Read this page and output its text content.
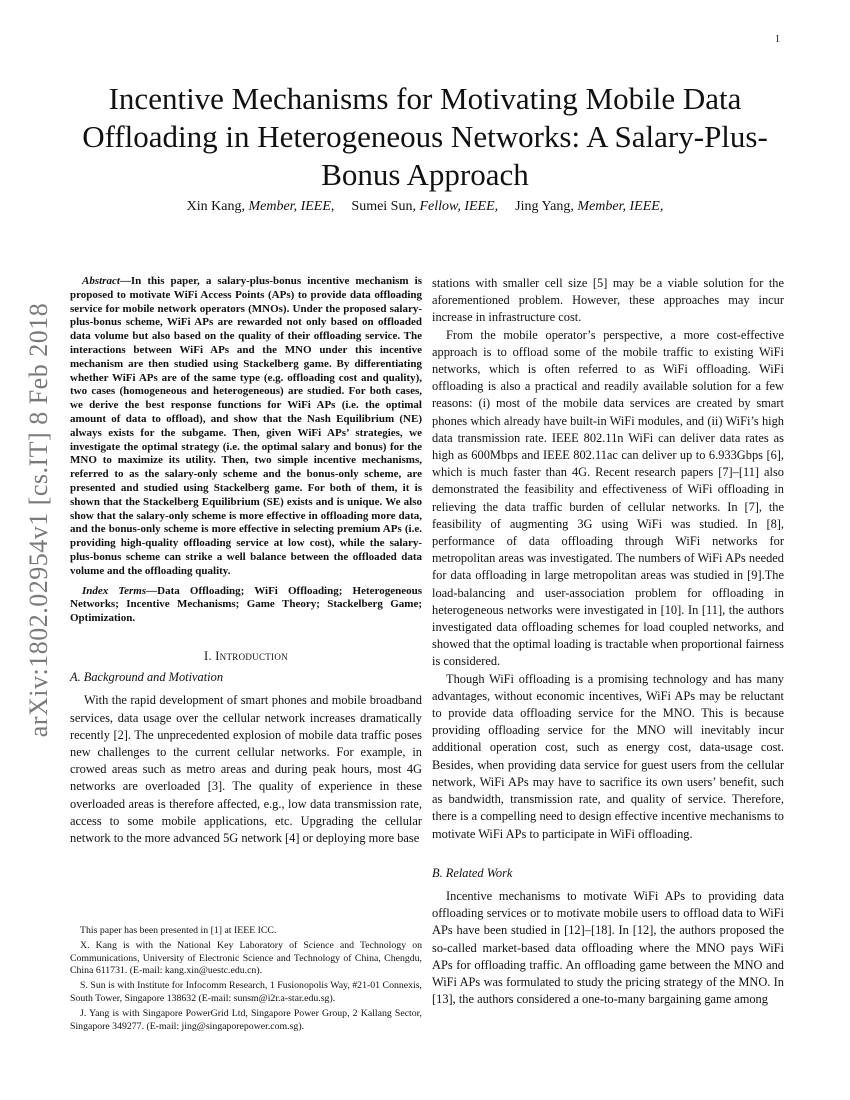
1
arXiv:1802.02954v1 [cs.IT] 8 Feb 2018
Incentive Mechanisms for Motivating Mobile Data Offloading in Heterogeneous Networks: A Salary-Plus-Bonus Approach
Xin Kang, Member, IEEE, Sumei Sun, Fellow, IEEE, Jing Yang, Member, IEEE,

Abstract—In this paper, a salary-plus-bonus incentive mechanism is proposed to motivate WiFi Access Points (APs) to provide data offloading service for mobile network operators (MNOs). Under the proposed salary-plus-bonus scheme, WiFi APs are rewarded not only based on offloaded data volume but also based on the quality of their offloading service. The interactions between WiFi APs and the MNO under this incentive mechanism are then studied using Stackelberg game. By differentiating whether WiFi APs are of the same type (e.g. offloading cost and quality), two cases (homogeneous and heterogeneous) are studied. For both cases, we derive the best response functions for WiFi APs (i.e. the optimal amount of data to offload), and show that the Nash Equilibrium (NE) always exists for the subgame. Then, given WiFi APs’ strategies, we investigate the optimal strategy (i.e. the optimal salary and bonus) for the MNO to maximize its utility. Then, two simple incentive mechanisms, referred to as the salary-only scheme and the bonus-only scheme, are presented and studied using Stackelberg game. For both of them, it is shown that the Stackelberg Equilibrium (SE) exists and is unique. We also show that the salary-only scheme is more effective in offloading more data, and the bonus-only scheme is more effective in selecting premium APs (i.e. providing high-quality offloading service at low cost), while the salary-plus-bonus scheme can strike a well balance between the offloaded data volume and the offloading quality.

Index Terms—Data Offloading; WiFi Offloading; Heterogeneous Networks; Incentive Mechanisms; Game Theory; Stackelberg Game; Optimization.

I. Introduction
A. Background and Motivation

With the rapid development of smart phones and mobile broadband services, data usage over the cellular network increases dramatically recently [2]. The unprecedented explosion of mobile data traffic poses new challenges to the current cellular networks. For example, in crowed areas such as metro areas and during peak hours, most 4G networks are overloaded [3]. The quality of experience in these overloaded areas is therefore affected, e.g., low data transmission rate, access to some mobile applications, etc. Upgrading the cellular network to the more advanced 5G network [4] or deploying more base

This paper has been presented in [1] at IEEE ICC.

X. Kang is with the National Key Laboratory of Science and Technology on Communications, University of Electronic Science and Technology of China, Chengdu, China 611731. (E-mail: kang.xin@uestc.edu.cn).

S. Sun is with Institute for Infocomm Research, 1 Fusionopolis Way, #21-01 Connexis, South Tower, Singapore 138632 (E-mail: sunsm@i2r.a-star.edu.sg).

J. Yang is with Singapore PowerGrid Ltd, Singapore Power Group, 2 Kallang Sector, Singapore 349277. (E-mail: jing@singaporepower.com.sg).

stations with smaller cell size [5] may be a viable solution for the aforementioned problem. However, these approaches may incur increase in infrastructure cost.

From the mobile operator’s perspective, a more cost-effective approach is to offload some of the mobile traffic to existing WiFi networks, which is often referred to as WiFi offloading. WiFi offloading is also a practical and readily available solution for a few reasons: (i) most of the mobile data services are created by smart phones which already have built-in WiFi modules, and (ii) WiFi’s high data transmission rate. IEEE 802.11n WiFi can deliver data rates as high as 600Mbps and IEEE 802.11ac can deliver up to 6.933Gbps [6], which is much faster than 4G. Recent research papers [7]–[11] also demonstrated the feasibility and effectiveness of WiFi offloading in relieving the data traffic burden of cellular networks. In [7], the feasibility of augmenting 3G using WiFi was studied. In [8], performance of data offloading through WiFi networks for metropolitan areas was investigated. The numbers of WiFi APs needed for data offloading in large metropolitan areas was studied in [9].The load-balancing and user-association problem for offloading in heterogeneous networks were investigated in [10]. In [11], the authors investigated data offloading schemes for load coupled networks, and showed that the optimal loading is tractable when proportional fairness is considered.

Though WiFi offloading is a promising technology and has many advantages, without economic incentives, WiFi APs may be reluctant to provide data offloading service for the MNO. This is because providing offloading service for the MNO will inevitably incur additional operation cost, such as energy cost, data-usage cost. Besides, when providing data service for guest users from the cellular network, WiFi APs may have to sacrifice its own users’ benefit, such as bandwidth, transmission rate, and quality of service. Therefore, there is a compelling need to design effective incentive mechanisms to motivate WiFi APs to participate in WiFi offloading.

B. Related Work

Incentive mechanisms to motivate WiFi APs to providing data offloading services or to motivate mobile users to offload data to WiFi APs have been studied in [12]–[18]. In [12], the authors proposed the so-called market-based data offloading where the MNO pays WiFi APs for offloading traffic. An offloading game between the MNO and WiFi APs was formulated to study the pricing strategy of the MNO. In [13], the authors considered a one-to-many bargaining game among
